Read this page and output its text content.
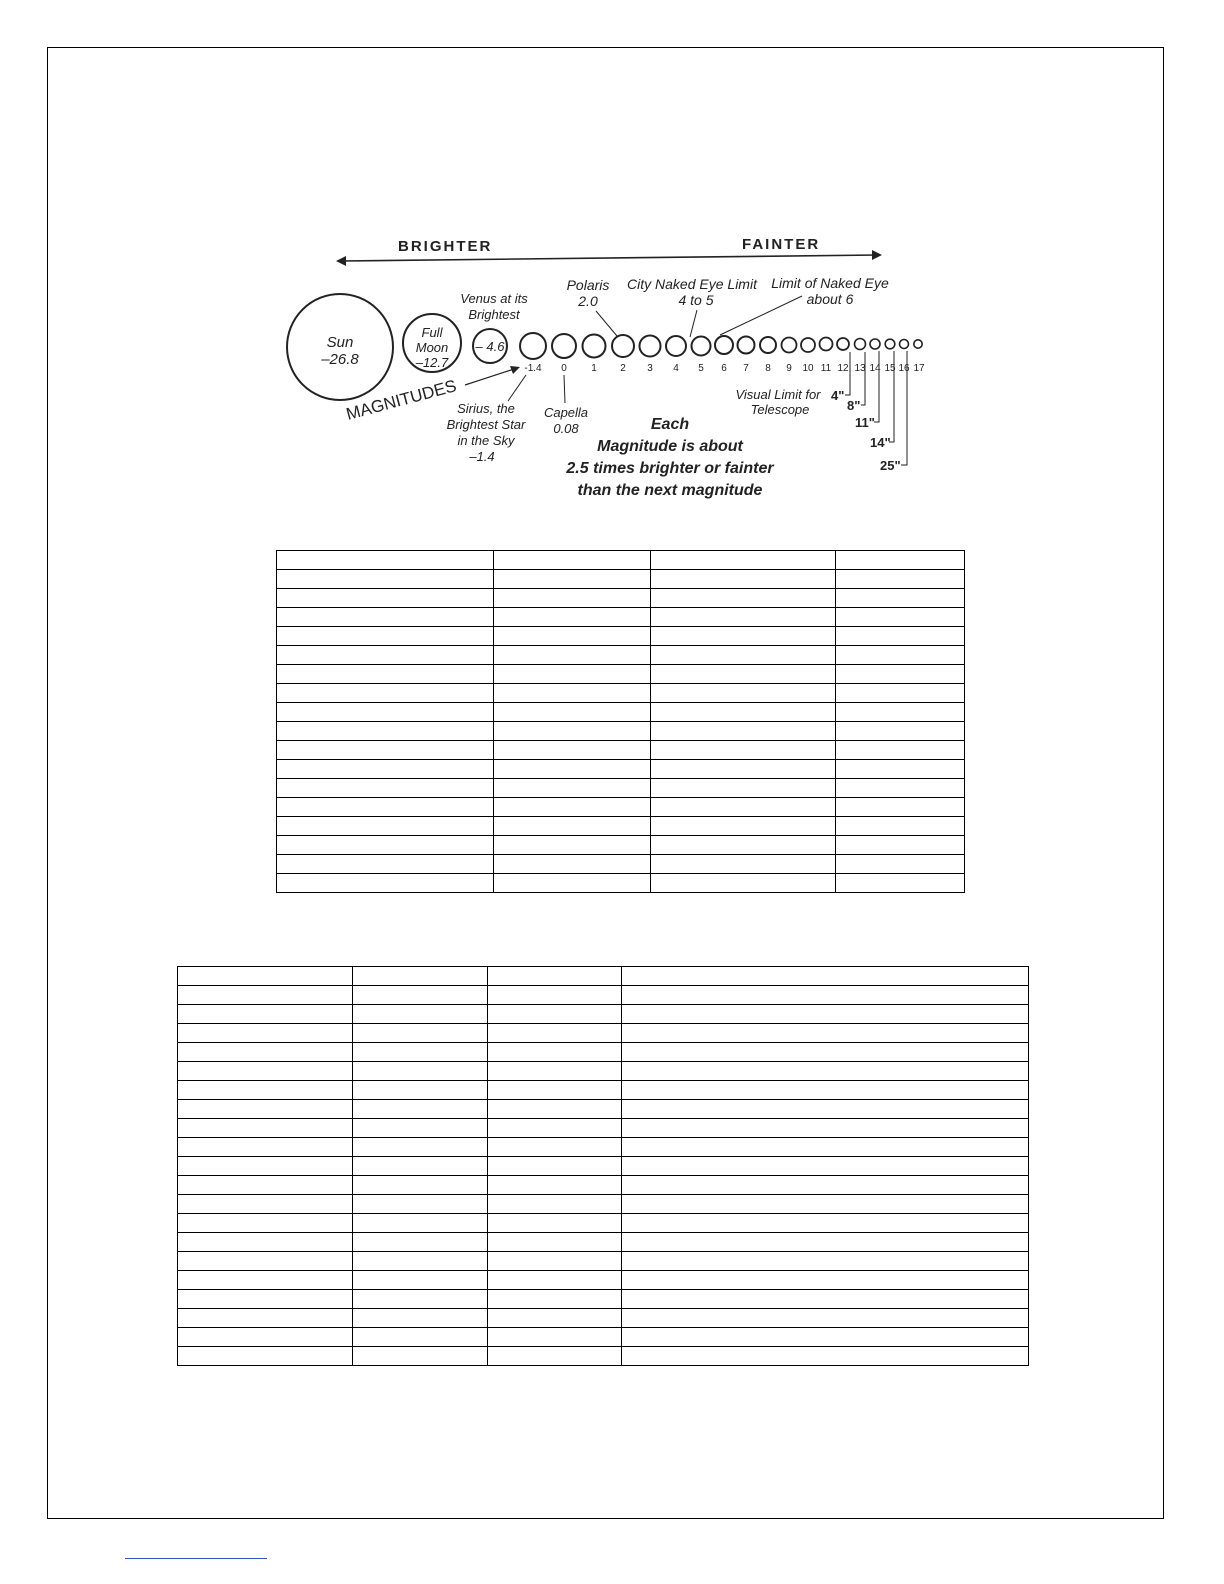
BRIGHTER	FAINTER
Sun
–26.8
Full
Moon
–12.7
Venus at its
Brightest
– 4.6
-1.4 0 1 2 3 4 5 6 7 8 9 10 11 12 13 14 15 16 17
Polaris
2.0
City Naked Eye Limit
4 to 5
Limit of Naked Eye
about 6
MAGNITUDES
Sirius, the
Brightest Star
in the Sky
–1.4
Capella
0.08	Each
Magnitude is about
2.5 times brighter or fainter
than the next magnitude
Visual Limit for
Telescope
4"
8"
11"
14"
25"
